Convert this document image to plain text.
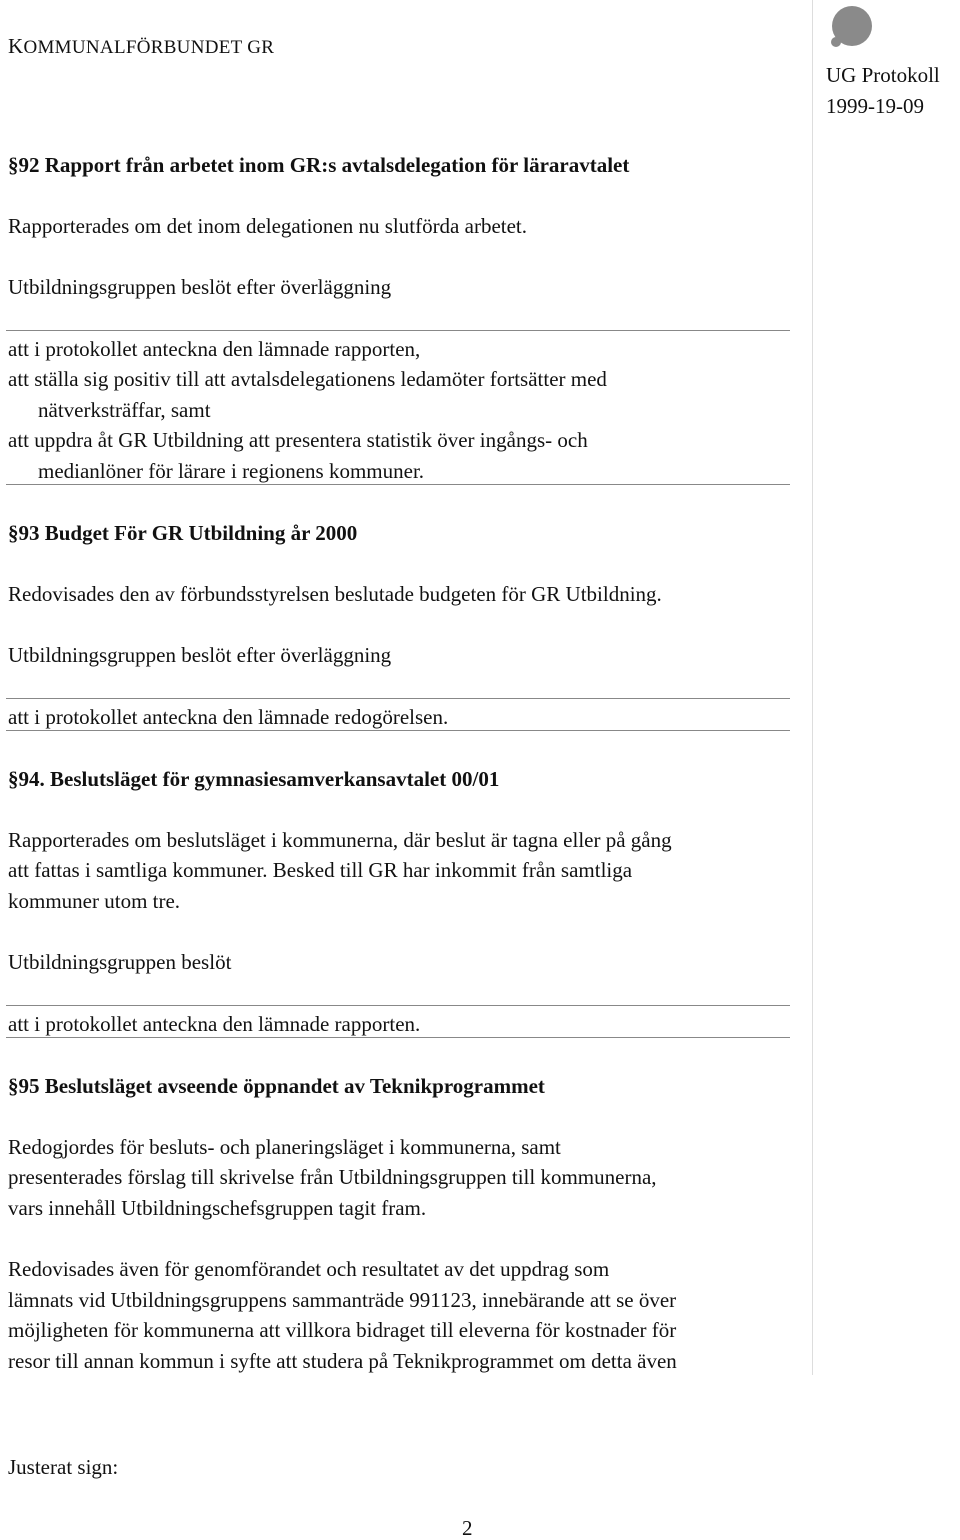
KOMMUNALFÖRBUNDET GR
UG Protokoll
1999-19-09
§92 Rapport från arbetet inom GR:s avtalsdelegation för läraravtalet
Rapporterades om det inom delegationen nu slutförda arbetet.
Utbildningsgruppen beslöt efter överläggning
att i protokollet anteckna den lämnade rapporten,
att ställa sig positiv till att avtalsdelegationens ledamöter fortsätter med
nätverksträffar, samt
att uppdra åt GR Utbildning att presentera statistik över ingångs- och
medianlöner för lärare i regionens kommuner.
§93 Budget För GR Utbildning år 2000
Redovisades den av förbundsstyrelsen beslutade budgeten för GR Utbildning.
Utbildningsgruppen beslöt efter överläggning
att i protokollet anteckna den lämnade redogörelsen.
§94. Beslutsläget för gymnasiesamverkansavtalet 00/01
Rapporterades om beslutsläget i kommunerna, där beslut är tagna eller på gång
att fattas i samtliga kommuner. Besked till GR har inkommit från samtliga
kommuner utom tre.
Utbildningsgruppen beslöt
att i protokollet anteckna den lämnade rapporten.
§95 Beslutsläget avseende öppnandet av Teknikprogrammet
Redogjordes för besluts- och planeringsläget i kommunerna, samt
presenterades förslag till skrivelse från Utbildningsgruppen till kommunerna,
vars innehåll Utbildningschefsgruppen tagit fram.
Redovisades även för genomförandet och resultatet av det uppdrag som
lämnats vid Utbildningsgruppens sammanträde 991123, innebärande att se över
möjligheten för kommunerna att villkora bidraget till eleverna för kostnader för
resor till annan kommun i syfte att studera på Teknikprogrammet om detta även
Justerat sign:
2
